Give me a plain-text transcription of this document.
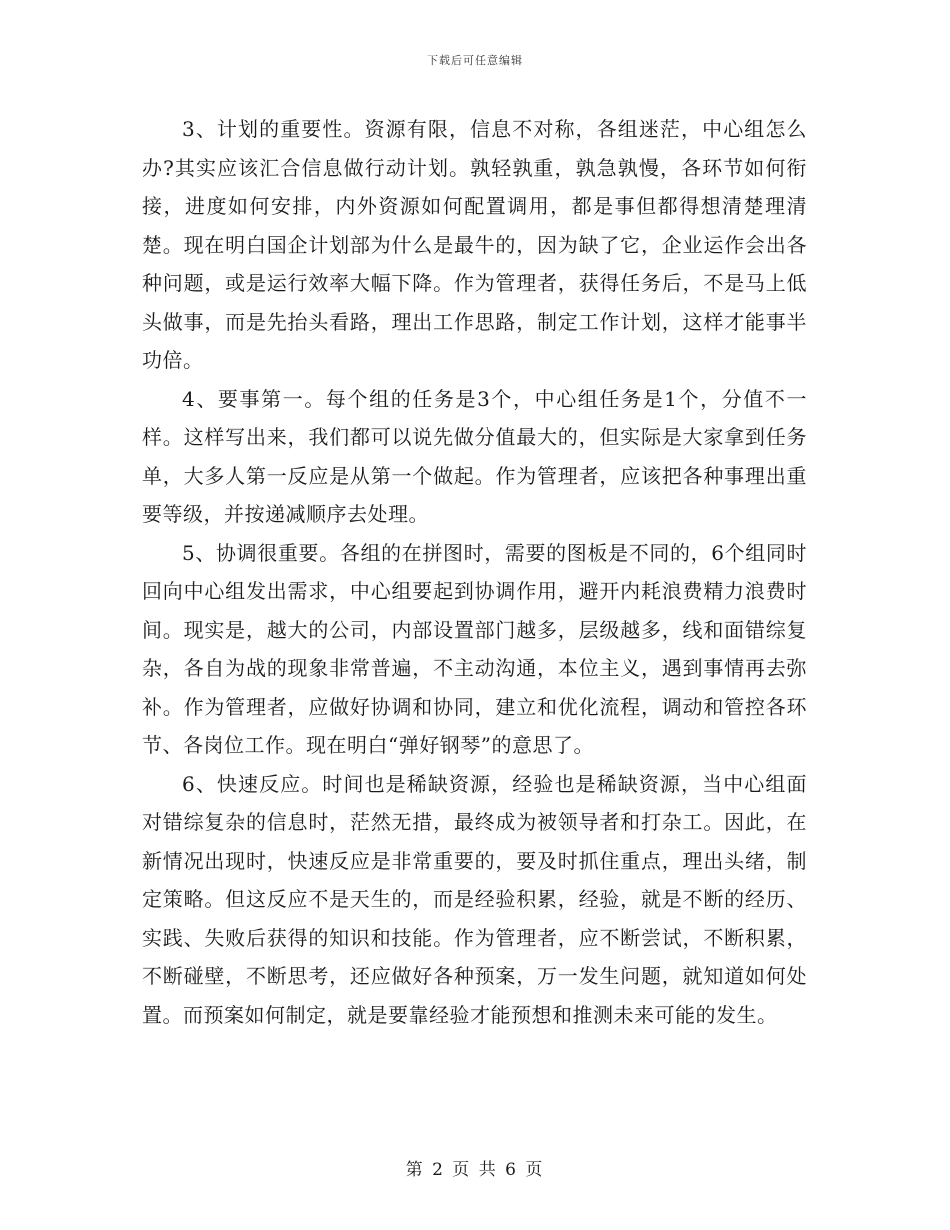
下载后可任意编辑

3、计划的重要性。资源有限，信息不对称，各组迷茫，中心组怎么办?其实应该汇合信息做行动计划。孰轻孰重，孰急孰慢，各环节如何衔接，进度如何安排，内外资源如何配置调用，都是事但都得想清楚理清楚。现在明白国企计划部为什么是最牛的，因为缺了它，企业运作会出各种问题，或是运行效率大幅下降。作为管理者，获得任务后，不是马上低头做事，而是先抬头看路，理出工作思路，制定工作计划，这样才能事半功倍。

4、要事第一。每个组的任务是3个，中心组任务是1个，分值不一样。这样写出来，我们都可以说先做分值最大的，但实际是大家拿到任务单，大多人第一反应是从第一个做起。作为管理者，应该把各种事理出重要等级，并按递减顺序去处理。

5、协调很重要。各组的在拼图时，需要的图板是不同的，6个组同时回向中心组发出需求，中心组要起到协调作用，避开内耗浪费精力浪费时间。现实是，越大的公司，内部设置部门越多，层级越多，线和面错综复杂，各自为战的现象非常普遍，不主动沟通，本位主义，遇到事情再去弥补。作为管理者，应做好协调和协同，建立和优化流程，调动和管控各环节、各岗位工作。现在明白“弹好钢琴”的意思了。

6、快速反应。时间也是稀缺资源，经验也是稀缺资源，当中心组面对错综复杂的信息时，茫然无措，最终成为被领导者和打杂工。因此，在新情况出现时，快速反应是非常重要的，要及时抓住重点，理出头绪，制定策略。但这反应不是天生的，而是经验积累，经验，就是不断的经历、实践、失败后获得的知识和技能。作为管理者，应不断尝试，不断积累，不断碰壁，不断思考，还应做好各种预案，万一发生问题，就知道如何处置。而预案如何制定，就是要靠经验才能预想和推测未来可能的发生。

第 2 页 共 6 页
